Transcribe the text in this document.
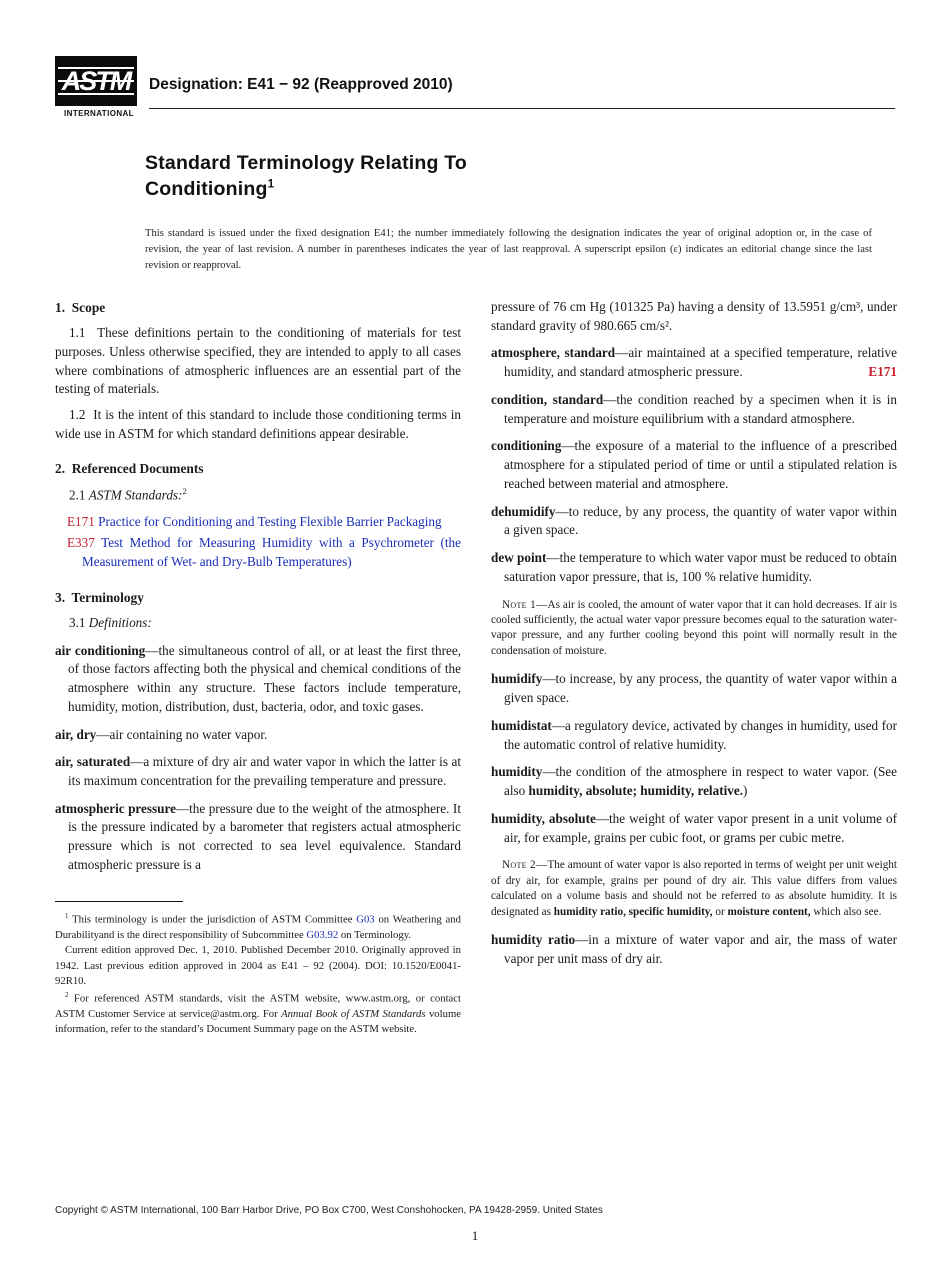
ASTM
INTERNATIONAL
Designation: E41 − 92 (Reapproved 2010)
Standard Terminology Relating To
Conditioning$^1$

This standard is issued under the fixed designation E41; the number immediately following the designation indicates the year of original adoption or, in the case of revision, the year of last revision. A number in parentheses indicates the year of last reapproval. A superscript epsilon (ε) indicates an editorial change since the last revision or reapproval.

1.  Scope

1.1  These definitions pertain to the conditioning of materials for test purposes. Unless otherwise specified, they are intended to apply to all cases where combinations of atmospheric influences are an essential part of the testing of materials.

1.2  It is the intent of this standard to include those conditioning terms in wide use in ASTM for which standard definitions appear desirable.

2.  Referenced Documents

2.1 ASTM Standards:$^2$

E171 Practice for Conditioning and Testing Flexible Barrier Packaging

E337 Test Method for Measuring Humidity with a Psychrometer (the Measurement of Wet- and Dry-Bulb Temperatures)

3.  Terminology

3.1 Definitions:

air conditioning—the simultaneous control of all, or at least the first three, of those factors affecting both the physical and chemical conditions of the atmosphere within any structure. These factors include temperature, humidity, motion, distribution, dust, bacteria, odor, and toxic gases.

air, dry—air containing no water vapor.

air, saturated—a mixture of dry air and water vapor in which the latter is at its maximum concentration for the prevailing temperature and pressure.

atmospheric pressure—the pressure due to the weight of the atmosphere. It is the pressure indicated by a barometer that registers actual atmospheric pressure which is not corrected to sea level equivalence. Standard atmospheric pressure is a

$^1$ This terminology is under the jurisdiction of ASTM Committee G03 on Weathering and Durabilityand is the direct responsibility of Subcommittee G03.92 on Terminology.

Current edition approved Dec. 1, 2010. Published December 2010. Originally approved in 1942. Last previous edition approved in 2004 as E41 – 92 (2004). DOI: 10.1520/E0041-92R10.

$^2$ For referenced ASTM standards, visit the ASTM website, www.astm.org, or contact ASTM Customer Service at service@astm.org. For Annual Book of ASTM Standards volume information, refer to the standard’s Document Summary page on the ASTM website.

pressure of 76 cm Hg (101325 Pa) having a density of 13.5951 g/cm³, under standard gravity of 980.665 cm/s².

atmosphere, standard—air maintained at a specified temperature, relative humidity, and standard atmospheric pressure.	E171

condition, standard—the condition reached by a specimen when it is in temperature and moisture equilibrium with a standard atmosphere.

conditioning—the exposure of a material to the influence of a prescribed atmosphere for a stipulated period of time or until a stipulated relation is reached between material and atmosphere.

dehumidify—to reduce, by any process, the quantity of water vapor within a given space.

dew point—the temperature to which water vapor must be reduced to obtain saturation vapor pressure, that is, 100 % relative humidity.

Note 1—As air is cooled, the amount of water vapor that it can hold decreases. If air is cooled sufficiently, the actual water vapor pressure becomes equal to the saturation water-vapor pressure, and any further cooling beyond this point will normally result in the condensation of moisture.

humidify—to increase, by any process, the quantity of water vapor within a given space.

humidistat—a regulatory device, activated by changes in humidity, used for the automatic control of relative humidity.

humidity—the condition of the atmosphere in respect to water vapor. (See also humidity, absolute; humidity, relative.)

humidity, absolute—the weight of water vapor present in a unit volume of air, for example, grains per cubic foot, or grams per cubic metre.

Note 2—The amount of water vapor is also reported in terms of weight per unit weight of dry air, for example, grains per pound of dry air. This value differs from values calculated on a volume basis and should not be referred to as absolute humidity. It is designated as humidity ratio, specific humidity, or moisture content, which also see.

humidity ratio—in a mixture of water vapor and air, the mass of water vapor per unit mass of dry air.

Copyright © ASTM International, 100 Barr Harbor Drive, PO Box C700, West Conshohocken, PA 19428-2959. United States
1
